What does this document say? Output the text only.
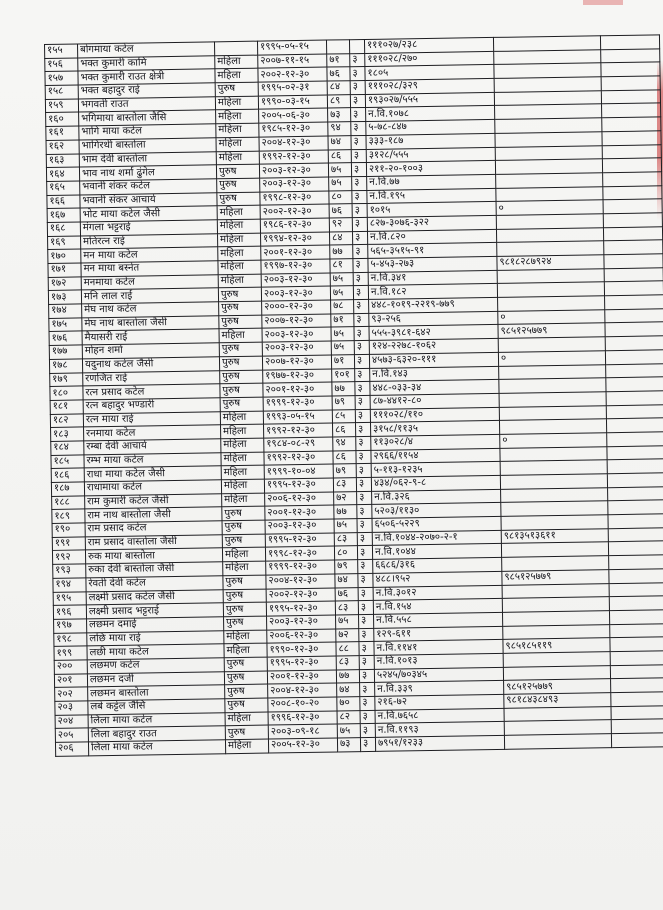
१५५	बोगमाया कटेल		१९९५-०५-१५			१११०२७/२३८		
१५६	भक्त कुमारी कामि	महिला	२००७-११-१५	७१	३	१११०२८/२७०		
१५७	भक्त कुमारी राउत क्षेत्री	महिला	२००२-१२-३०	७६	३	१८०५		
१५८	भक्त बहादुर राई	पुरुष	१९९५-०२-३१	८४	३	१११०२८/३२९		
१५९	भगवती राउत	महिला	१९९०-०३-१५	८९	३	१९३०२७/५५५		
१६०	भगिमाया बास्तोला जैसि	महिला	२००५-०६-३०	७३	३	न.वि.१०७८		
१६१	भागि माया कटेल	महिला	१९८५-१२-३०	९४	३	५-७८-८४७		
१६२	भागिरथी बास्तोला	महिला	२००४-१२-३०	७४	३	३३३-१८७		
१६३	भाम देवी बास्तोला	महिला	१९९२-१२-३०	८६	३	३१२८/५५५		
१६४	भाव नाथ शर्मा ढुंगेल	पुरुष	२००३-१२-३०	७५	३	२११-२०-१००३		
१६५	भवानी शंकर कटेल	पुरुष	२००३-१२-३०	७५	३	न.वि.७७		
१६६	भवानी संकर आचार्य	पुरुष	१९९८-१२-३०	८०	३	न.वि.१९५		
१६७	भोट माया कटेल जैसी	महिला	२००२-१२-३०	७६	३	१०१५	०	
१६८	मंगला भट्टराई	महिला	१९८६-१२-३०	९२	३	८२७-३०७६-३२२		
१६९	मतिरत्न राई	महिला	१९९४-१२-३०	८४	३	न.वि.८२०		
१७०	मन माया कटेल	महिला	२००१-१२-३०	७७	३	५६५-३५१५-९१		
१७१	मन माया बस्नेत	महिला	१९९७-१२-३०	८१	३	५-४५३-२७३	९८१८२८७९२४	
१७२	मनमाया कटेल	महिला	२००३-१२-३०	७५	३	न.वि.३४१		
१७३	मनि लाल राई	पुरुष	२००३-१२-३०	७५	३	न.वि.१८२		
१७४	मेघ नाथ कटेल	पुरुष	२०००-१२-३०	७८	३	४४८-१०१९-२२१९-७७९		
१७५	मेघ नाथ बास्तोला जैसी	पुरुष	२००७-१२-३०	७१	३	९३-२५६	०	
१७६	मैयासरी राई	महिला	२००३-१२-३०	७५	३	५५५-३९८१-६४२	९८५१२५७७९	
१७७	मोहन शर्मा	पुरुष	२००३-१२-३०	७५	३	१२४-२२७८-१०६२		
१७८	यदुनाथ कटेल जैसी	पुरुष	२००७-१२-३०	७१	३	४५७३-६३२०-१११	०	
१७९	रणजित राई	पुरुष	१९७७-१२-३०	१०१	३	न.वि.१४३		
१८०	रत्न प्रसाद कटेल	पुरुष	२००१-१२-३०	७७	३	४४८-०३३-३४		
१८१	रत्न बहादुर भण्डारी	पुरुष	१९९९-१२-३०	७९	३	८७-४४१२-८०		
१८२	रत्न माया राई	महिला	१९९३-०५-१५	८५	३	१११०२८/११०		
१८३	रनमाया कटेल	महिला	१९९२-१२-३०	८६	३	३१५८/११३५		
१८४	रम्बा देवी आचार्य	महिला	१९८४-०८-२९	९४	३	११३०२८/४	०	
१८५	रम्भ माया कटेल	महिला	१९९२-१२-३०	८६	३	२९६६/११५४		
१८६	राधा माया कटेल जैसी	महिला	१९९९-१०-०४	७९	३	५-११३-१२३५		
१८७	राधामाया कटेल	महिला	१९९५-१२-३०	८३	३	४३४/०६२-९-८		
१८८	राम कुमारी कटेल जैसी	महिला	२००६-१२-३०	७२	३	न.वि.३२६		
१८९	राम नाथ बास्तोला जैसी	पुरुष	२००१-१२-३०	७७	३	५२०३/११३०		
१९०	राम प्रसाद कटेल	पुरुष	२००३-१२-३०	७५	३	६५०६-५२२९		
१९१	राम प्रसाद वास्तोला जैसी	पुरुष	१९९५-१२-३०	८३	३	न.वि.१०४४-२०७०-२-१	९८१३५१३६११	
१९२	रुक माया बास्तोला	महिला	१९९८-१२-३०	८०	३	न.वि.१०४४		
१९३	रुका देवी बास्तोला जैसी	महिला	१९९९-१२-३०	७९	३	६६८६/३१६		
१९४	रेवती देवी कटेल	पुरुष	२००४-१२-३०	७४	३	४८८।९५२	९८५१२५७७९	
१९५	लक्ष्मी प्रसाद कटेल जैसी	पुरुष	२००२-१२-३०	७६	३	न.वि.३०१२		
१९६	लक्ष्मी प्रसाद भट्टराई	पुरुष	१९९५-१२-३०	८३	३	न.वि.१५४		
१९७	लछमन दमाई	पुरुष	२००३-१२-३०	७५	३	न.वि.५५८		
१९८	लछि माया राई	महिला	२००६-१२-३०	७२	३	१२९-६११		
१९९	लछी माया कटेल	महिला	१९९०-१२-३०	८८	३	न.वि.११४१	९८५१८५११९	
२००	लछमण कटेल	पुरुष	१९९५-१२-३०	८३	३	न.वि.१०१३		
२०१	लछमन दर्जी	पुरुष	२००१-१२-३०	७७	३	५२४५/७०३४५		
२०२	लछमन बास्तोला	पुरुष	२००४-१२-३०	७४	३	न.वि.३३९	९८५१२५७७९	
२०३	लबे कट्टेल जैसि	पुरुष	२००८-१०-२०	७०	३	२१६-७२	९८१८४३८४९३	
२०४	लिला माया कटेल	महिला	१९९६-१२-३०	८२	३	न.वि.७६५८		
२०५	लिला बहादुर राउत	पुरुष	२००३-०९-१८	७५	३	न.वि.११९३		
२०६	लिला माया कटेल	महिला	२००५-१२-३०	७३	३	७९५१/१२३३		
